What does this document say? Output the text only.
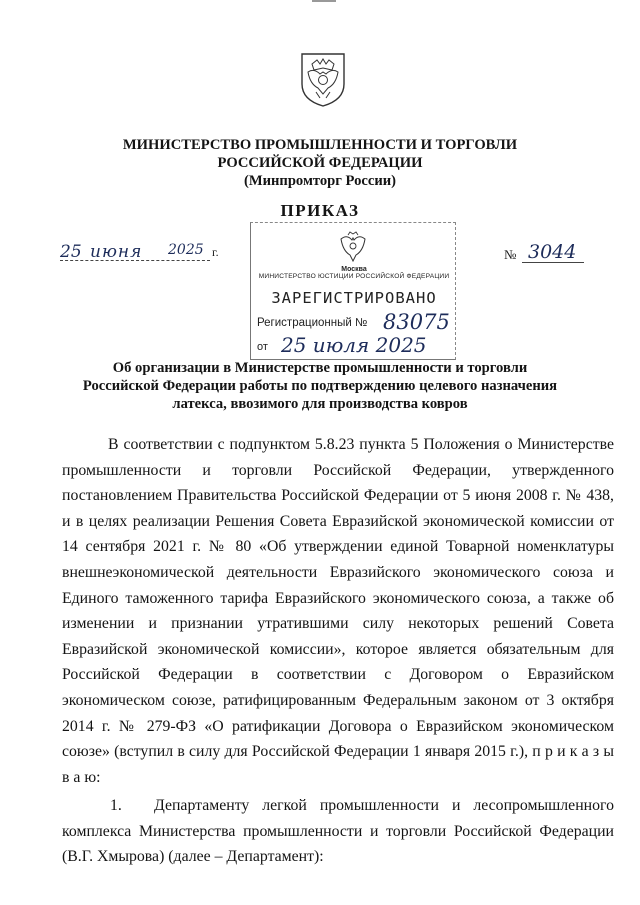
МИНИСТЕРСТВО ПРОМЫШЛЕННОСТИ И ТОРГОВЛИ
РОССИЙСКОЙ ФЕДЕРАЦИИ
(Минпромторг России)
ПРИКАЗ
25 июня 2025 г.	№ 3044
Москва
МИНИСТЕРСТВО ЮСТИЦИИ РОССИЙСКОЙ ФЕДЕРАЦИИ
ЗАРЕГИСТРИРОВАНО
Регистрационный № 83075
от 25 июля 2025
Об организации в Министерстве промышленности и торговли
Российской Федерации работы по подтверждению целевого назначения
латекса, ввозимого для производства ковров
В соответствии с подпунктом 5.8.23 пункта 5 Положения о Министерстве промышленности и торговли Российской Федерации, утвержденного постановлением Правительства Российской Федерации от 5 июня 2008 г. № 438, и в целях реализации Решения Совета Евразийской экономической комиссии от 14 сентября 2021 г. № 80 «Об утверждении единой Товарной номенклатуры внешнеэкономической деятельности Евразийского экономического союза и Единого таможенного тарифа Евразийского экономического союза, а также об изменении и признании утратившими силу некоторых решений Совета Евразийской экономической комиссии», которое является обязательным для Российской Федерации в соответствии с Договором о Евразийском экономическом союзе, ратифицированным Федеральным законом от 3 октября 2014 г. № 279-ФЗ «О ратификации Договора о Евразийском экономическом союзе» (вступил в силу для Российской Федерации 1 января 2015 г.), п р и к а з ы в а ю:
1. Департаменту легкой промышленности и лесопромышленного комплекса Министерства промышленности и торговли Российской Федерации (В.Г. Хмырова) (далее – Департамент):
